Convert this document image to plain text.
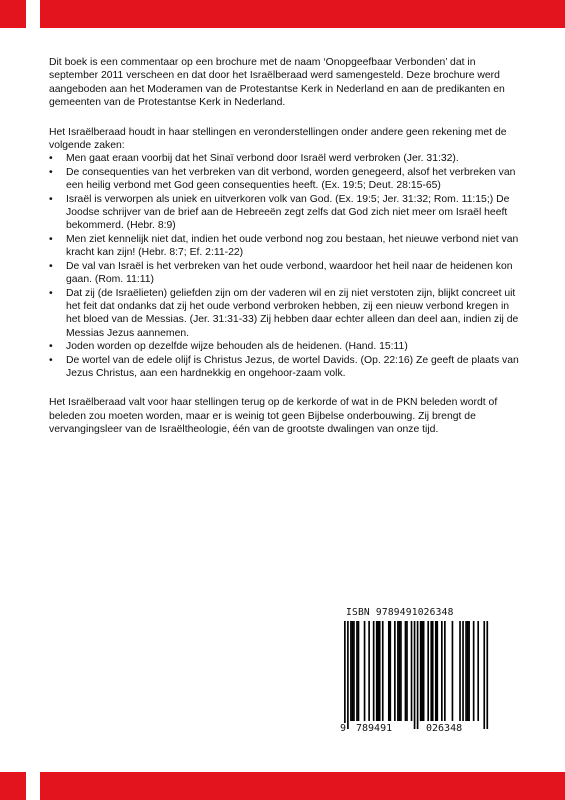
Dit boek is een commentaar op een brochure met de naam ‘Onopgeefbaar Verbonden’ dat in september 2011 verscheen en dat door het Israëlberaad werd samengesteld. Deze brochure werd aangeboden aan het Moderamen van de Protestantse Kerk in Nederland en aan de predikanten en gemeenten van de Protestantse Kerk in Nederland.

Het Israëlberaad houdt in haar stellingen en veronderstellingen onder andere geen rekening met de volgende zaken:

• Men gaat eraan voorbij dat het Sinaï verbond door Israël werd verbroken (Jer. 31:32).
• De consequenties van het verbreken van dit verbond, worden genegeerd, alsof het verbreken van een heilig verbond met God geen consequenties heeft. (Ex. 19:5; Deut. 28:15-65)
• Israël is verworpen als uniek en uitverkoren volk van God. (Ex. 19:5; Jer. 31:32; Rom. 11:15;) De Joodse schrijver van de brief aan de Hebreeën zegt zelfs dat God zich niet meer om Israël heeft bekommerd. (Hebr. 8:9)
• Men ziet kennelijk niet dat, indien het oude verbond nog zou bestaan, het nieuwe verbond niet van kracht kan zijn! (Hebr. 8:7; Ef. 2:11-22)
• De val van Israël is het verbreken van het oude verbond, waardoor het heil naar de heidenen kon gaan. (Rom. 11:11)
• Dat zij (de Israëlieten) geliefden zijn om der vaderen wil en zij niet verstoten zijn, blijkt concreet uit het feit dat ondanks dat zij het oude verbond verbroken hebben, zij een nieuw verbond kregen in het bloed van de Messias. (Jer. 31:31-33) Zij hebben daar echter alleen dan deel aan, indien zij de Messias Jezus aannemen.
• Joden worden op dezelfde wijze behouden als de heidenen. (Hand. 15:11)
• De wortel van de edele olijf is Christus Jezus, de wortel Davids. (Op. 22:16) Ze geeft de plaats van Jezus Christus, aan een hardnekkig en ongehoor-zaam volk.

Het Israëlberaad valt voor haar stellingen terug op de kerkorde of wat in de PKN beleden wordt of beleden zou moeten worden, maar er is weinig tot geen Bijbelse onderbouwing. Zij brengt de vervangingsleer van de Israëltheologie, één van de grootste dwalingen van onze tijd.

ISBN 9789491026348
9 789491	026348
